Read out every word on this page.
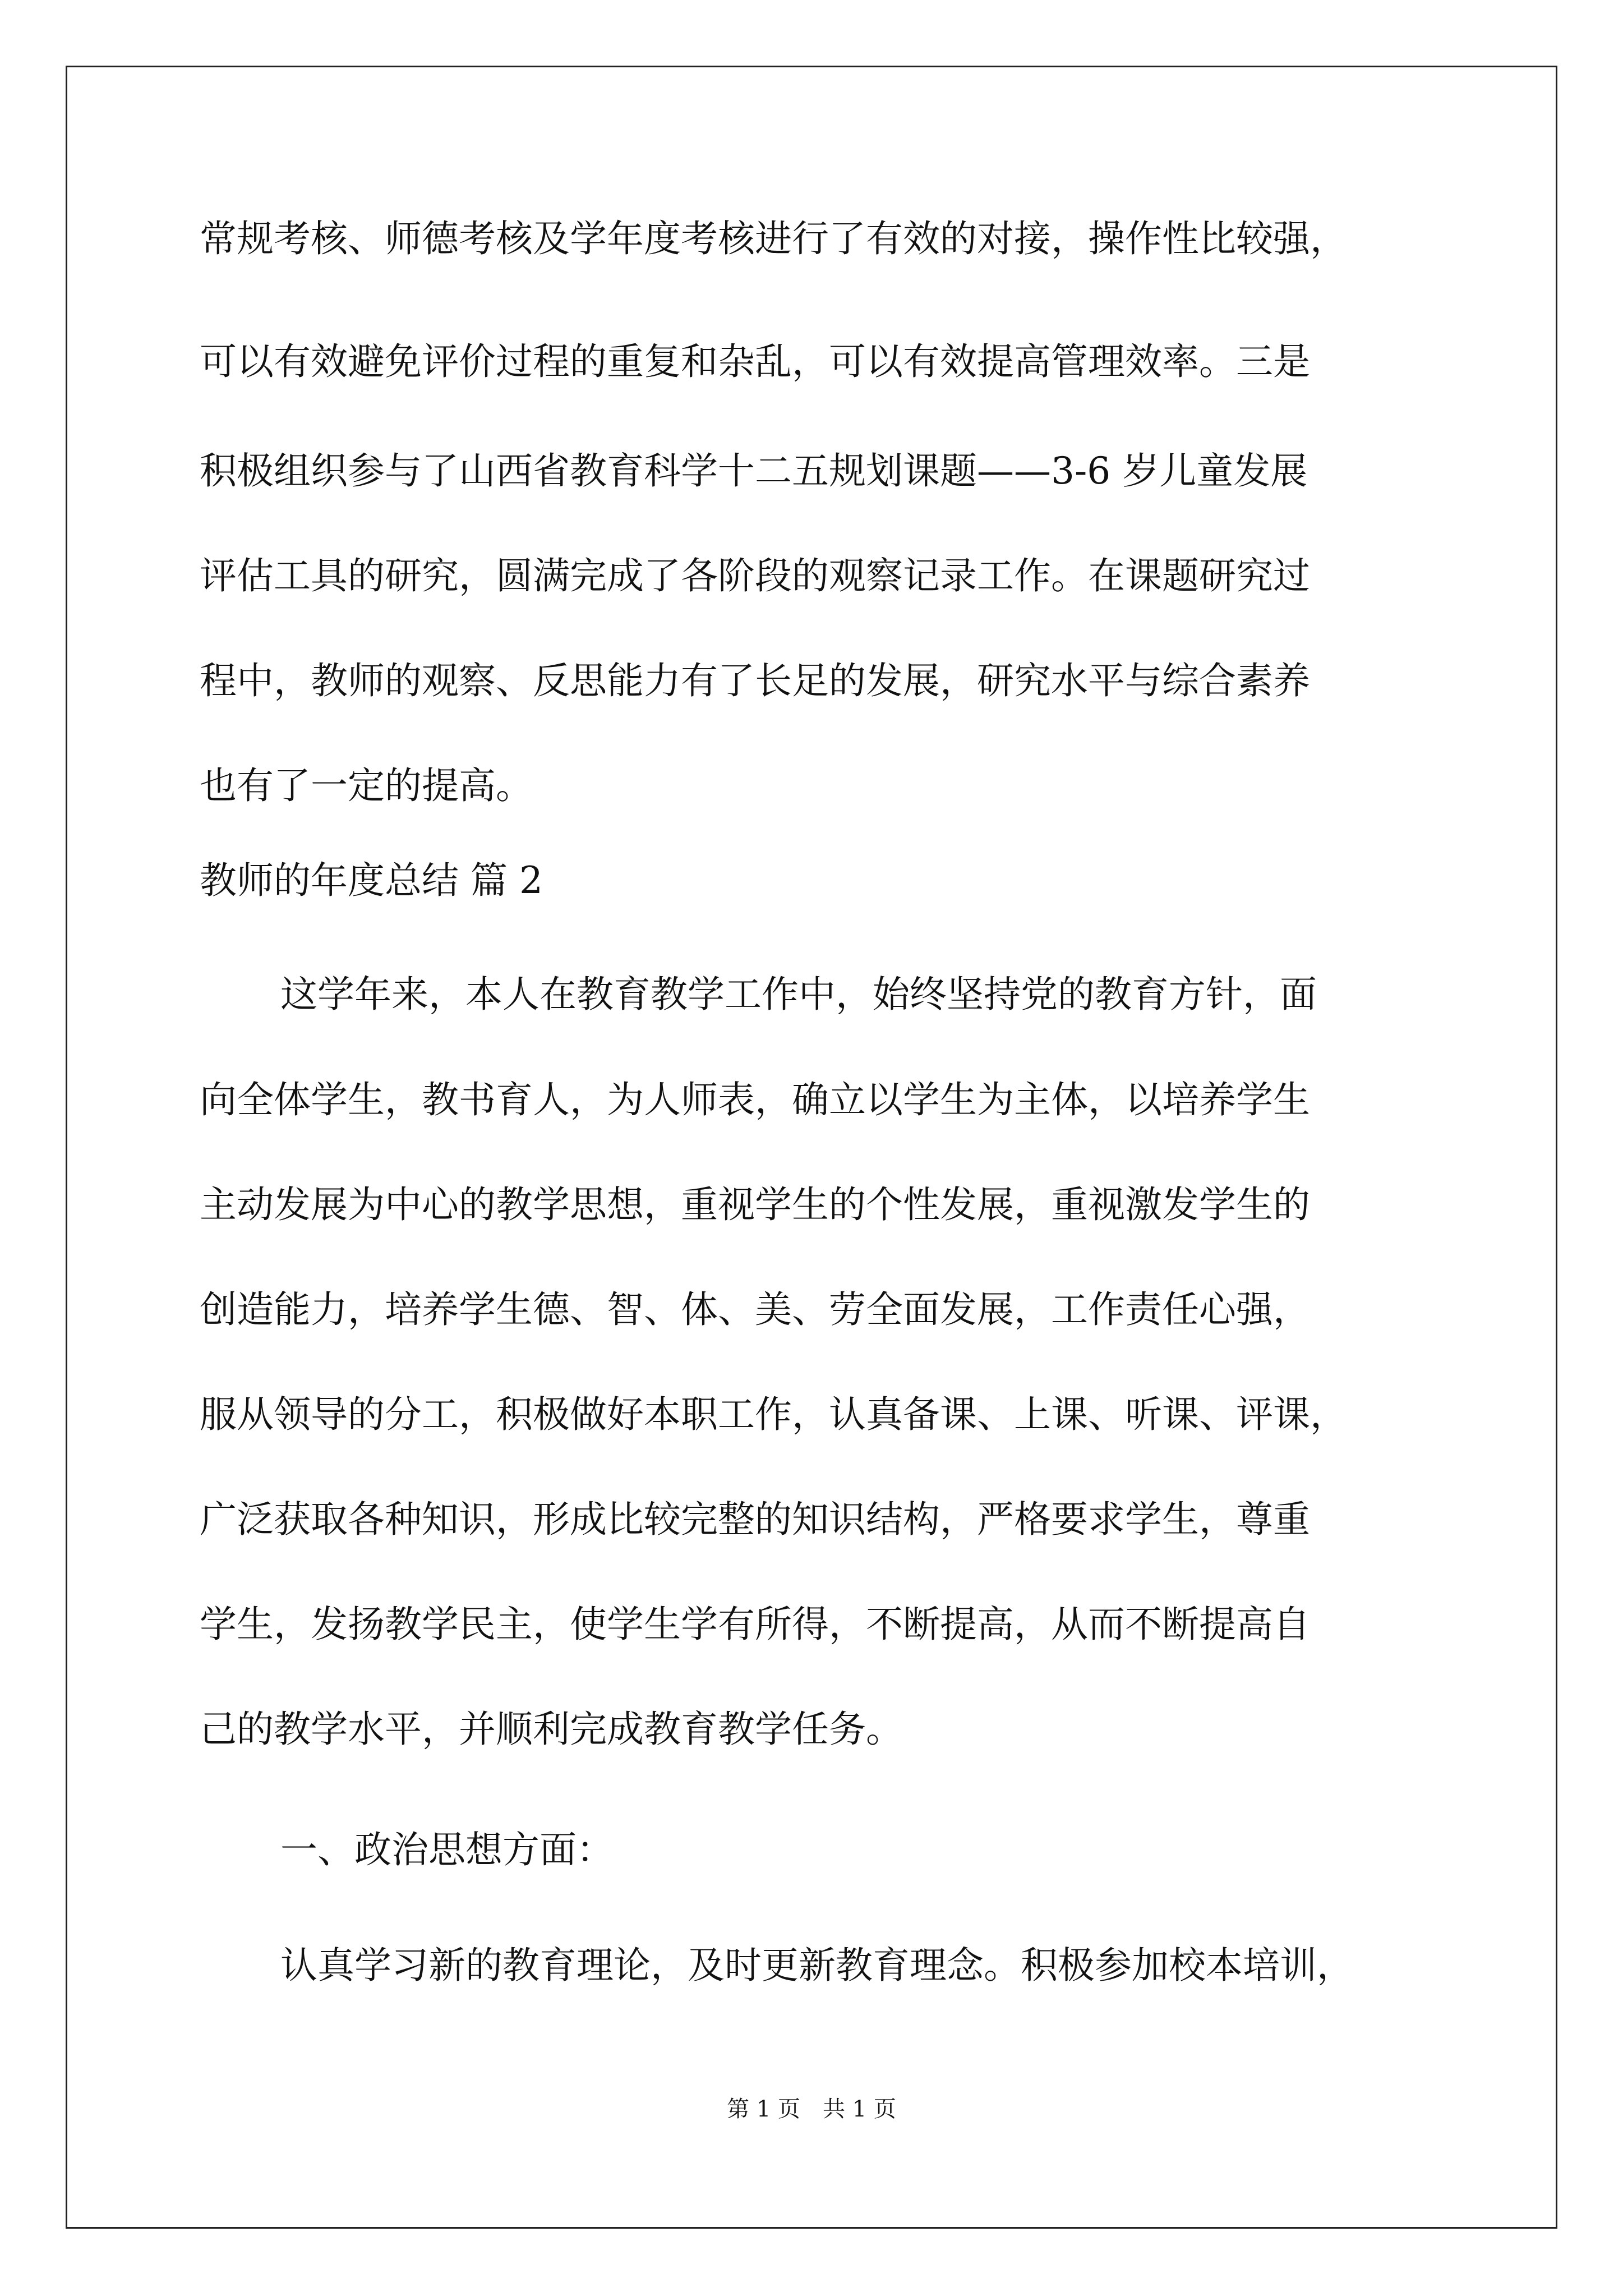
常规考核、师德考核及学年度考核进行了有效的对接，操作性比较强，
可以有效避免评价过程的重复和杂乱，可以有效提高管理效率。三是
积极组织参与了山西省教育科学十二五规划课题——3-6 岁儿童发展
评估工具的研究，圆满完成了各阶段的观察记录工作。在课题研究过
程中，教师的观察、反思能力有了长足的发展，研究水平与综合素养
也有了一定的提高。
教师的年度总结 篇 2
这学年来，本人在教育教学工作中，始终坚持党的教育方针，面
向全体学生，教书育人，为人师表，确立以学生为主体，以培养学生
主动发展为中心的教学思想，重视学生的个性发展，重视激发学生的
创造能力，培养学生德、智、体、美、劳全面发展，工作责任心强，
服从领导的分工，积极做好本职工作，认真备课、上课、听课、评课，
广泛获取各种知识，形成比较完整的知识结构，严格要求学生，尊重
学生，发扬教学民主，使学生学有所得，不断提高，从而不断提高自
己的教学水平，并顺利完成教育教学任务。
一、政治思想方面：
认真学习新的教育理论，及时更新教育理念。积极参加校本培训，
第 1 页 共 1 页
